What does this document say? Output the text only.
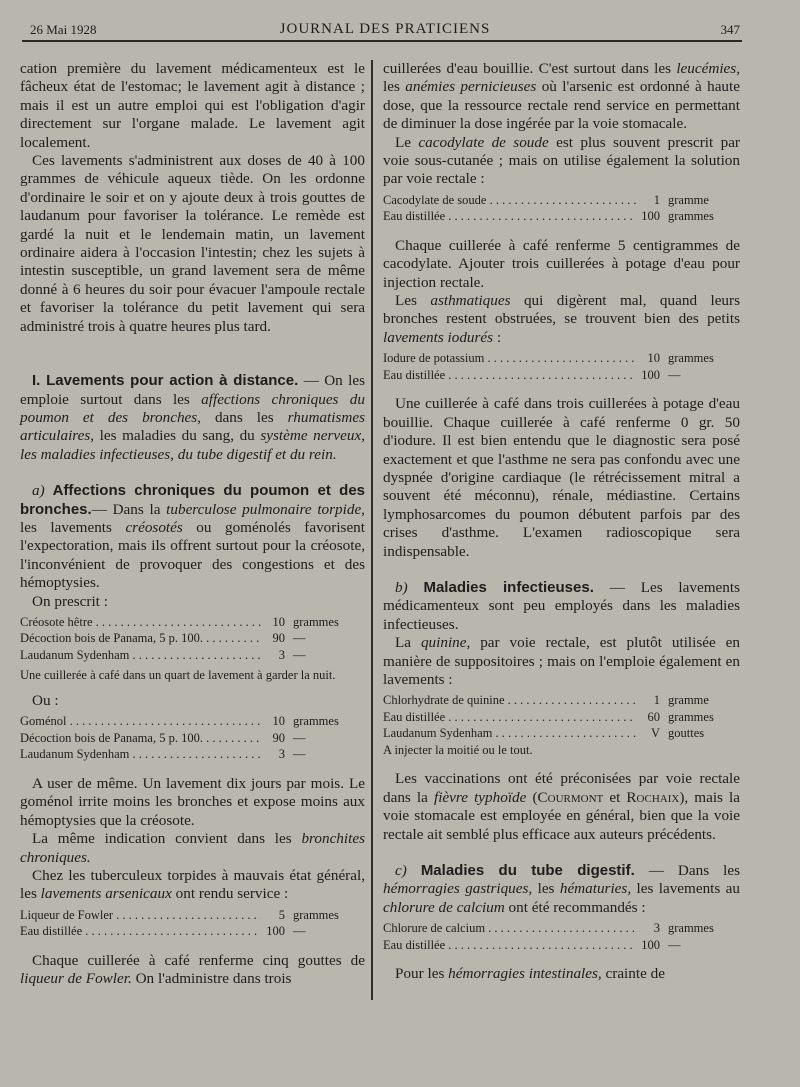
26 Mai 1928	JOURNAL DES PRATICIENS	347

cation première du lavement médicamenteux est le fâcheux état de l'estomac; le lavement agit à distance ; mais il est un autre emploi qui est l'obligation d'agir directement sur l'organe malade. Le lavement agit localement.

Ces lavements s'administrent aux doses de 40 à 100 grammes de véhicule aqueux tiède. On les ordonne d'ordinaire le soir et on y ajoute deux à trois gouttes de laudanum pour favoriser la tolérance. Le remède est gardé la nuit et le lendemain matin, un lavement ordinaire aidera à l'occasion l'intestin; chez les sujets à intestin susceptible, un grand lavement sera de même donné à 6 heures du soir pour évacuer l'ampoule rectale et favoriser la tolérance du petit lavement qui sera administré trois à quatre heures plus tard.

I. Lavements pour action à distance. — On les emploie surtout dans les affections chroniques du poumon et des bronches, dans les rhumatismes articulaires, les maladies du sang, du système nerveux, les maladies infectieuses, du tube digestif et du rein.

a) Affections chroniques du poumon et des bronches.— Dans la tuberculose pulmonaire torpide, les lavements créosotés ou goménolés favorisent l'expectoration, mais ils offrent surtout pour la créosote, l'inconvénient de provoquer des congestions et des hémoptysies.

On prescrit :

Créosote hêtre . . .	10 grammes
Décoction bois de Panama, 5 p. 100. . . .	90 —
Laudanum Sydenham . . .	3 —

Une cuillerée à café dans un quart de lavement à garder la nuit.

Ou :

Goménol . . .	10 grammes
Décoction bois de Panama, 5 p. 100. . . .	90 —
Laudanum Sydenham . . .	3 —

A user de même. Un lavement dix jours par mois. Le goménol irrite moins les bronches et expose moins aux hémoptysies que la créosote.

La même indication convient dans les bronchites chroniques.

Chez les tuberculeux torpides à mauvais état général, les lavements arsenicaux ont rendu service :

Liqueur de Fowler . . .	5 grammes
Eau distillée . . .	100 —

Chaque cuillerée à café renferme cinq gouttes de liqueur de Fowler. On l'administre dans trois

cuillerées d'eau bouillie. C'est surtout dans les leucémies, les anémies pernicieuses où l'arsenic est ordonné à haute dose, que la ressource rectale rend service en permettant de diminuer la dose ingérée par la voie stomacale.

Le cacodylate de soude est plus souvent prescrit par voie sous-cutanée ; mais on utilise également la solution par voie rectale :

Cacodylate de soude . . .	1 gramme
Eau distillée . . .	100 grammes

Chaque cuillerée à café renferme 5 centigrammes de cacodylate. Ajouter trois cuillerées à potage d'eau pour injection rectale.

Les asthmatiques qui digèrent mal, quand leurs bronches restent obstruées, se trouvent bien des petits lavements iodurés :

Iodure de potassium . . .	10 grammes
Eau distillée . . .	100 —

Une cuillerée à café dans trois cuillerées à potage d'eau bouillie. Chaque cuillerée à café renferme 0 gr. 50 d'iodure. Il est bien entendu que le diagnostic sera posé exactement et que l'asthme ne sera pas confondu avec une dyspnée d'origine cardiaque (le rétrécissement mitral a souvent été méconnu), rénale, médiastine. Certains lymphosarcomes du poumon débutent parfois par des crises d'asthme. L'examen radioscopique sera indispensable.

b) Maladies infectieuses. — Les lavements médicamenteux sont peu employés dans les maladies infectieuses.

La quinine, par voie rectale, est plutôt utilisée en manière de suppositoires ; mais on l'emploie également en lavements :

Chlorhydrate de quinine . . .	1 gramme
Eau distillée . . .	60 grammes
Laudanum Sydenham . . .	V gouttes
A injecter la moitié ou le tout.

Les vaccinations ont été préconisées par voie rectale dans la fièvre typhoïde (Courmont et Rochaix), mais la voie stomacale est employée en général, bien que la voie rectale ait semblé plus efficace aux auteurs précédents.

c) Maladies du tube digestif. — Dans les hémorragies gastriques, les hématuries, les lavements au chlorure de calcium ont été recommandés :

Chlorure de calcium . . .	3 grammes
Eau distillée . . .	100 —

Pour les hémorragies intestinales, crainte de
